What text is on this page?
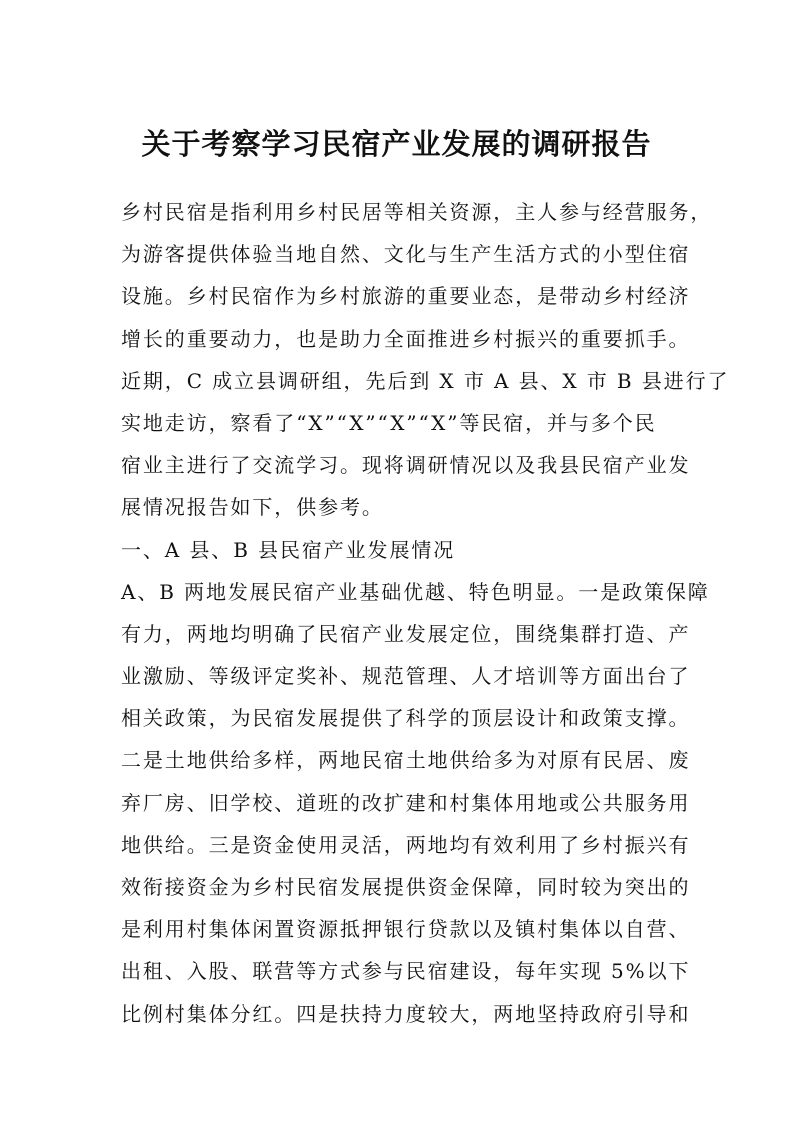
关于考察学习民宿产业发展的调研报告
乡村民宿是指利用乡村民居等相关资源，主人参与经营服务，
为游客提供体验当地自然、文化与生产生活方式的小型住宿
设施。乡村民宿作为乡村旅游的重要业态，是带动乡村经济
增长的重要动力，也是助力全面推进乡村振兴的重要抓手。
近期，C 成立县调研组，先后到 X 市 A 县、X 市 B 县进行了
实地走访，察看了“X”“X”“X”“X”等民宿，并与多个民
宿业主进行了交流学习。现将调研情况以及我县民宿产业发
展情况报告如下，供参考。
一、A 县、B 县民宿产业发展情况
A、B 两地发展民宿产业基础优越、特色明显。一是政策保障
有力，两地均明确了民宿产业发展定位，围绕集群打造、产
业激励、等级评定奖补、规范管理、人才培训等方面出台了
相关政策，为民宿发展提供了科学的顶层设计和政策支撑。
二是土地供给多样，两地民宿土地供给多为对原有民居、废
弃厂房、旧学校、道班的改扩建和村集体用地或公共服务用
地供给。三是资金使用灵活，两地均有效利用了乡村振兴有
效衔接资金为乡村民宿发展提供资金保障，同时较为突出的
是利用村集体闲置资源抵押银行贷款以及镇村集体以自营、
出租、入股、联营等方式参与民宿建设，每年实现 5%以下
比例村集体分红。四是扶持力度较大，两地坚持政府引导和
